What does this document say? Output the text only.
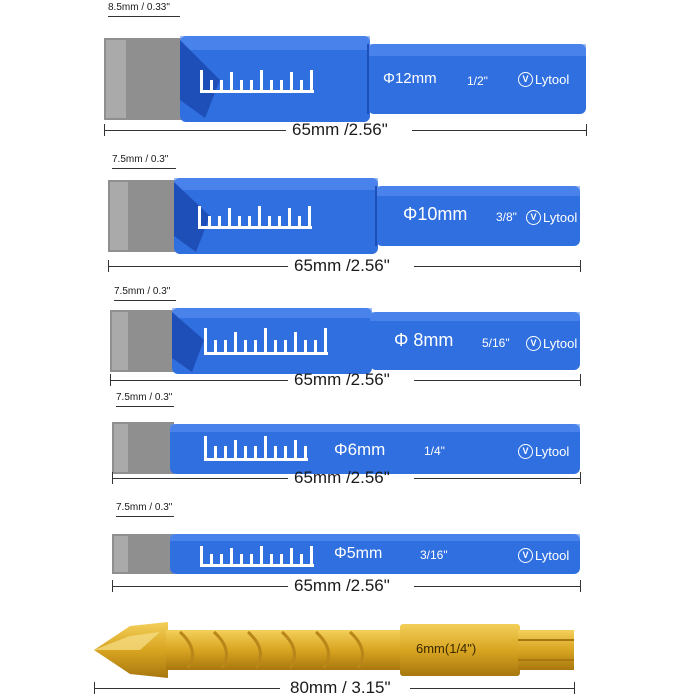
8.5mm / 0.33"
Φ12mm	1/2"	V Lytool
65mm /2.56"
7.5mm / 0.3"
Φ10mm 3/8"	V Lytool
65mm /2.56"
7.5mm / 0.3"
Φ 8mm 5/16"	V Lytool
65mm /2.56"
7.5mm / 0.3"
Φ6mm	1/4"	V Lytool
65mm /2.56"
7.5mm / 0.3"
Φ5mm	3/16"	V Lytool
65mm /2.56"
6mm(1/4")
80mm / 3.15"
